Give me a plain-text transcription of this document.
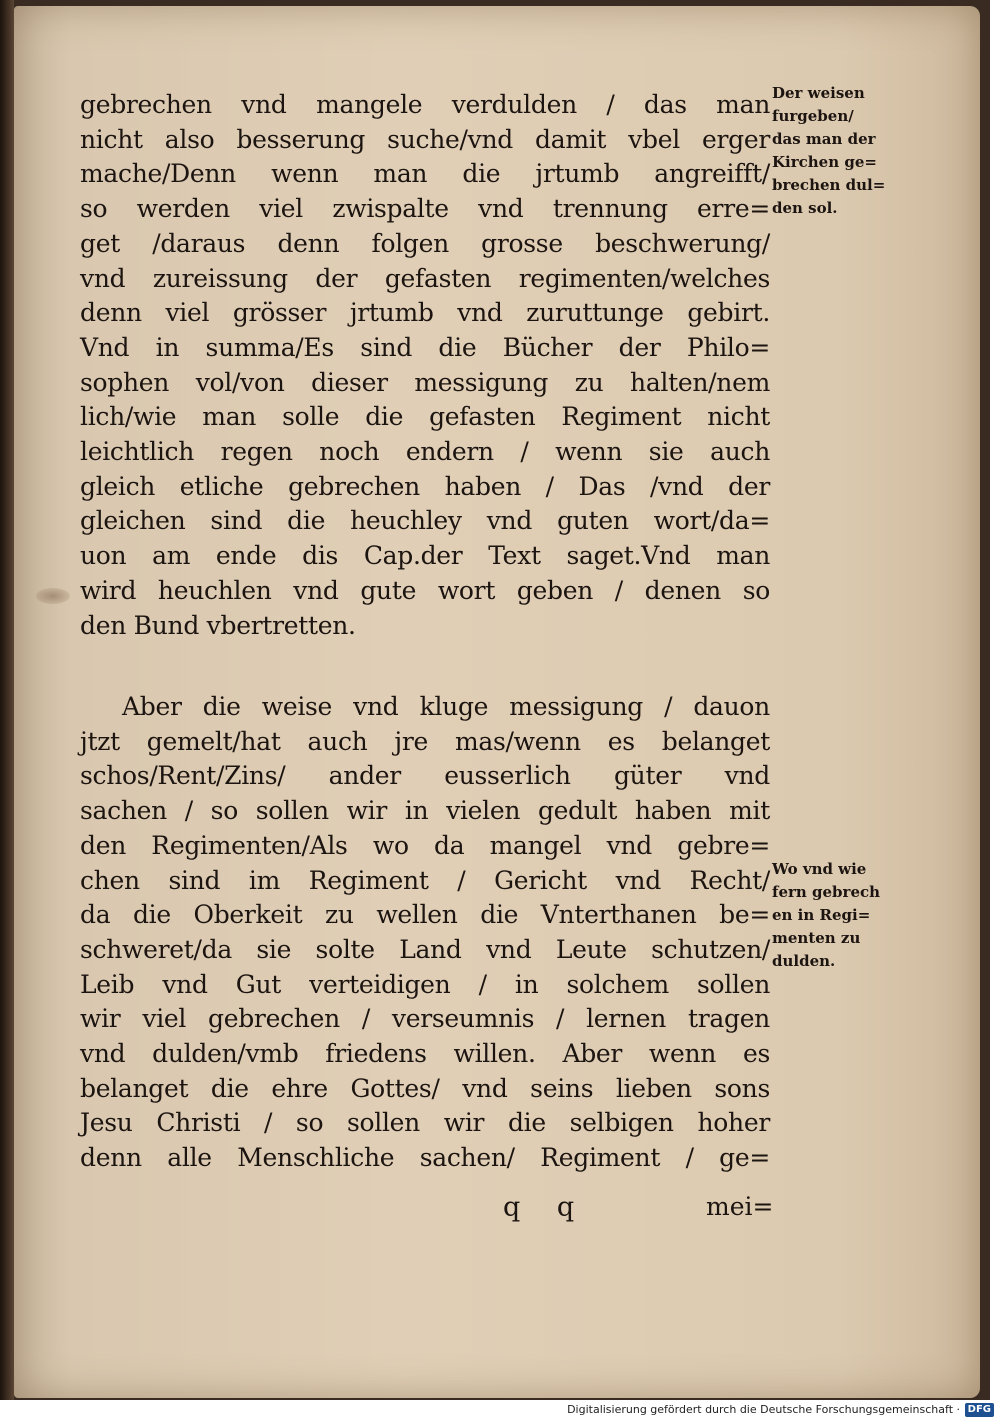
gebrechen vnd mangele verdulden / das man
nicht also besserung suche/vnd damit vbel erger
mache/Denn wenn man die jrtumb angreifft/
so werden viel zwispalte vnd trennung erre=
get /daraus denn folgen grosse beschwerung/
vnd zureissung der gefasten regimenten/welches
denn viel grösser jrtumb vnd zuruttunge gebirt.
Vnd in summa/Es sind die Bücher der Philo=
sophen vol/von dieser messigung zu halten/nem
lich/wie man solle die gefasten Regiment nicht
leichtlich regen noch endern / wenn sie auch
gleich etliche gebrechen haben / Das /vnd der
gleichen sind die heuchley vnd guten wort/da=
uon am ende dis Cap.der Text saget.Vnd man
wird heuchlen vnd gute wort geben / denen so
den Bund vbertretten.
Aber die weise vnd kluge messigung / dauon
jtzt gemelt/hat auch jre mas/wenn es belanget
schos/Rent/Zins/ ander eusserlich güter vnd
sachen / so sollen wir in vielen gedult haben mit
den Regimenten/Als wo da mangel vnd gebre=
chen sind im Regiment / Gericht vnd Recht/
da die Oberkeit zu wellen die Vnterthanen be=
schweret/da sie solte Land vnd Leute schutzen/
Leib vnd Gut verteidigen / in solchem sollen
wir viel gebrechen / verseumnis / lernen tragen
vnd dulden/vmb friedens willen. Aber wenn es
belanget die ehre Gottes/ vnd seins lieben sons
Jesu Christi / so sollen wir die selbigen hoher
denn alle Menschliche sachen/ Regiment / ge=
Der weisen
furgeben/
das man der
Kirchen ge=
brechen dul=
den sol.
Wo vnd wie
fern gebrech
en in Regi=
menten zu
dulden.
q q	mei=
Digitalisierung gefördert durch die Deutsche Forschungsgemeinschaft · DFG
